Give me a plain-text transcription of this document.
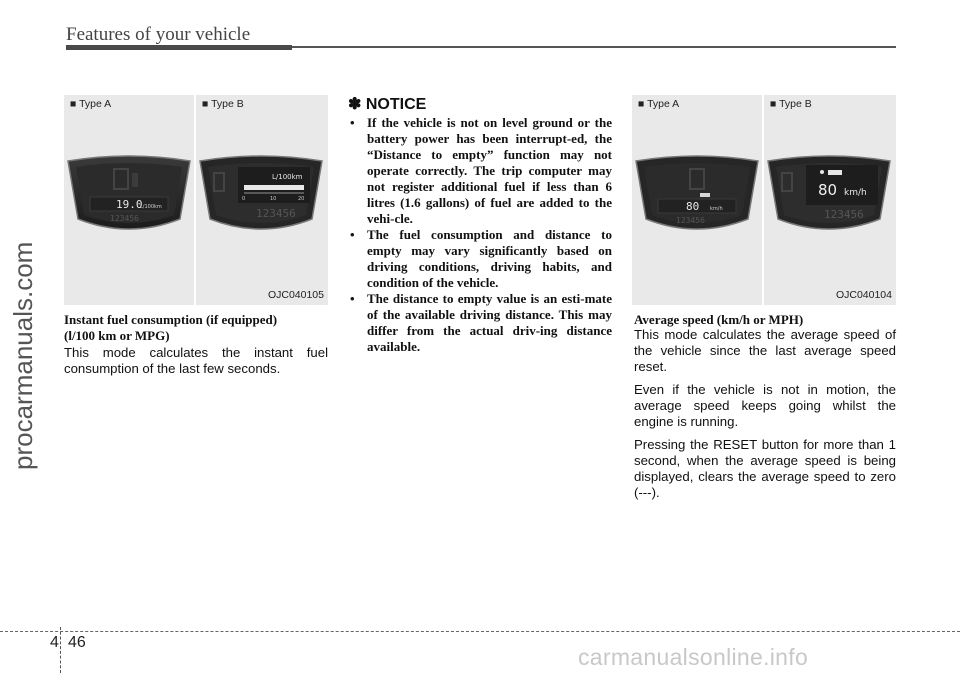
Features of your vehicle
procarmanuals.com
■ Type A	■ Type B
19.0
L/100km
123456
L/100km
0	10	20
123456
OJC040105
Instant fuel consumption (if equipped)
(l/100 km or MPG)
This mode calculates the instant fuel consumption of the last few seconds.
✽ NOTICE
• If the vehicle is not on level ground or the battery power has been interrupt-ed, the “Distance to empty” function may not operate correctly. The trip computer may not register additional fuel if less than 6 litres (1.6 gallons) of fuel are added to the vehi-cle.
• The fuel consumption and distance to empty may vary significantly based on driving conditions, driving habits, and condition of the vehicle.
• The distance to empty value is an esti-mate of the available driving distance. This may differ from the actual driv-ing distance available.
■ Type A	■ Type B
80 km/h
123456
80 km/h
123456
OJC040104
Average speed (km/h or MPH)
This mode calculates the average speed of the vehicle since the last average speed reset.
Even if the vehicle is not in motion, the average speed keeps going whilst the engine is running.
Pressing the RESET button for more than 1 second, when the average speed is being displayed, clears the average speed to zero (---).
4 46
carmanualsonline.info
